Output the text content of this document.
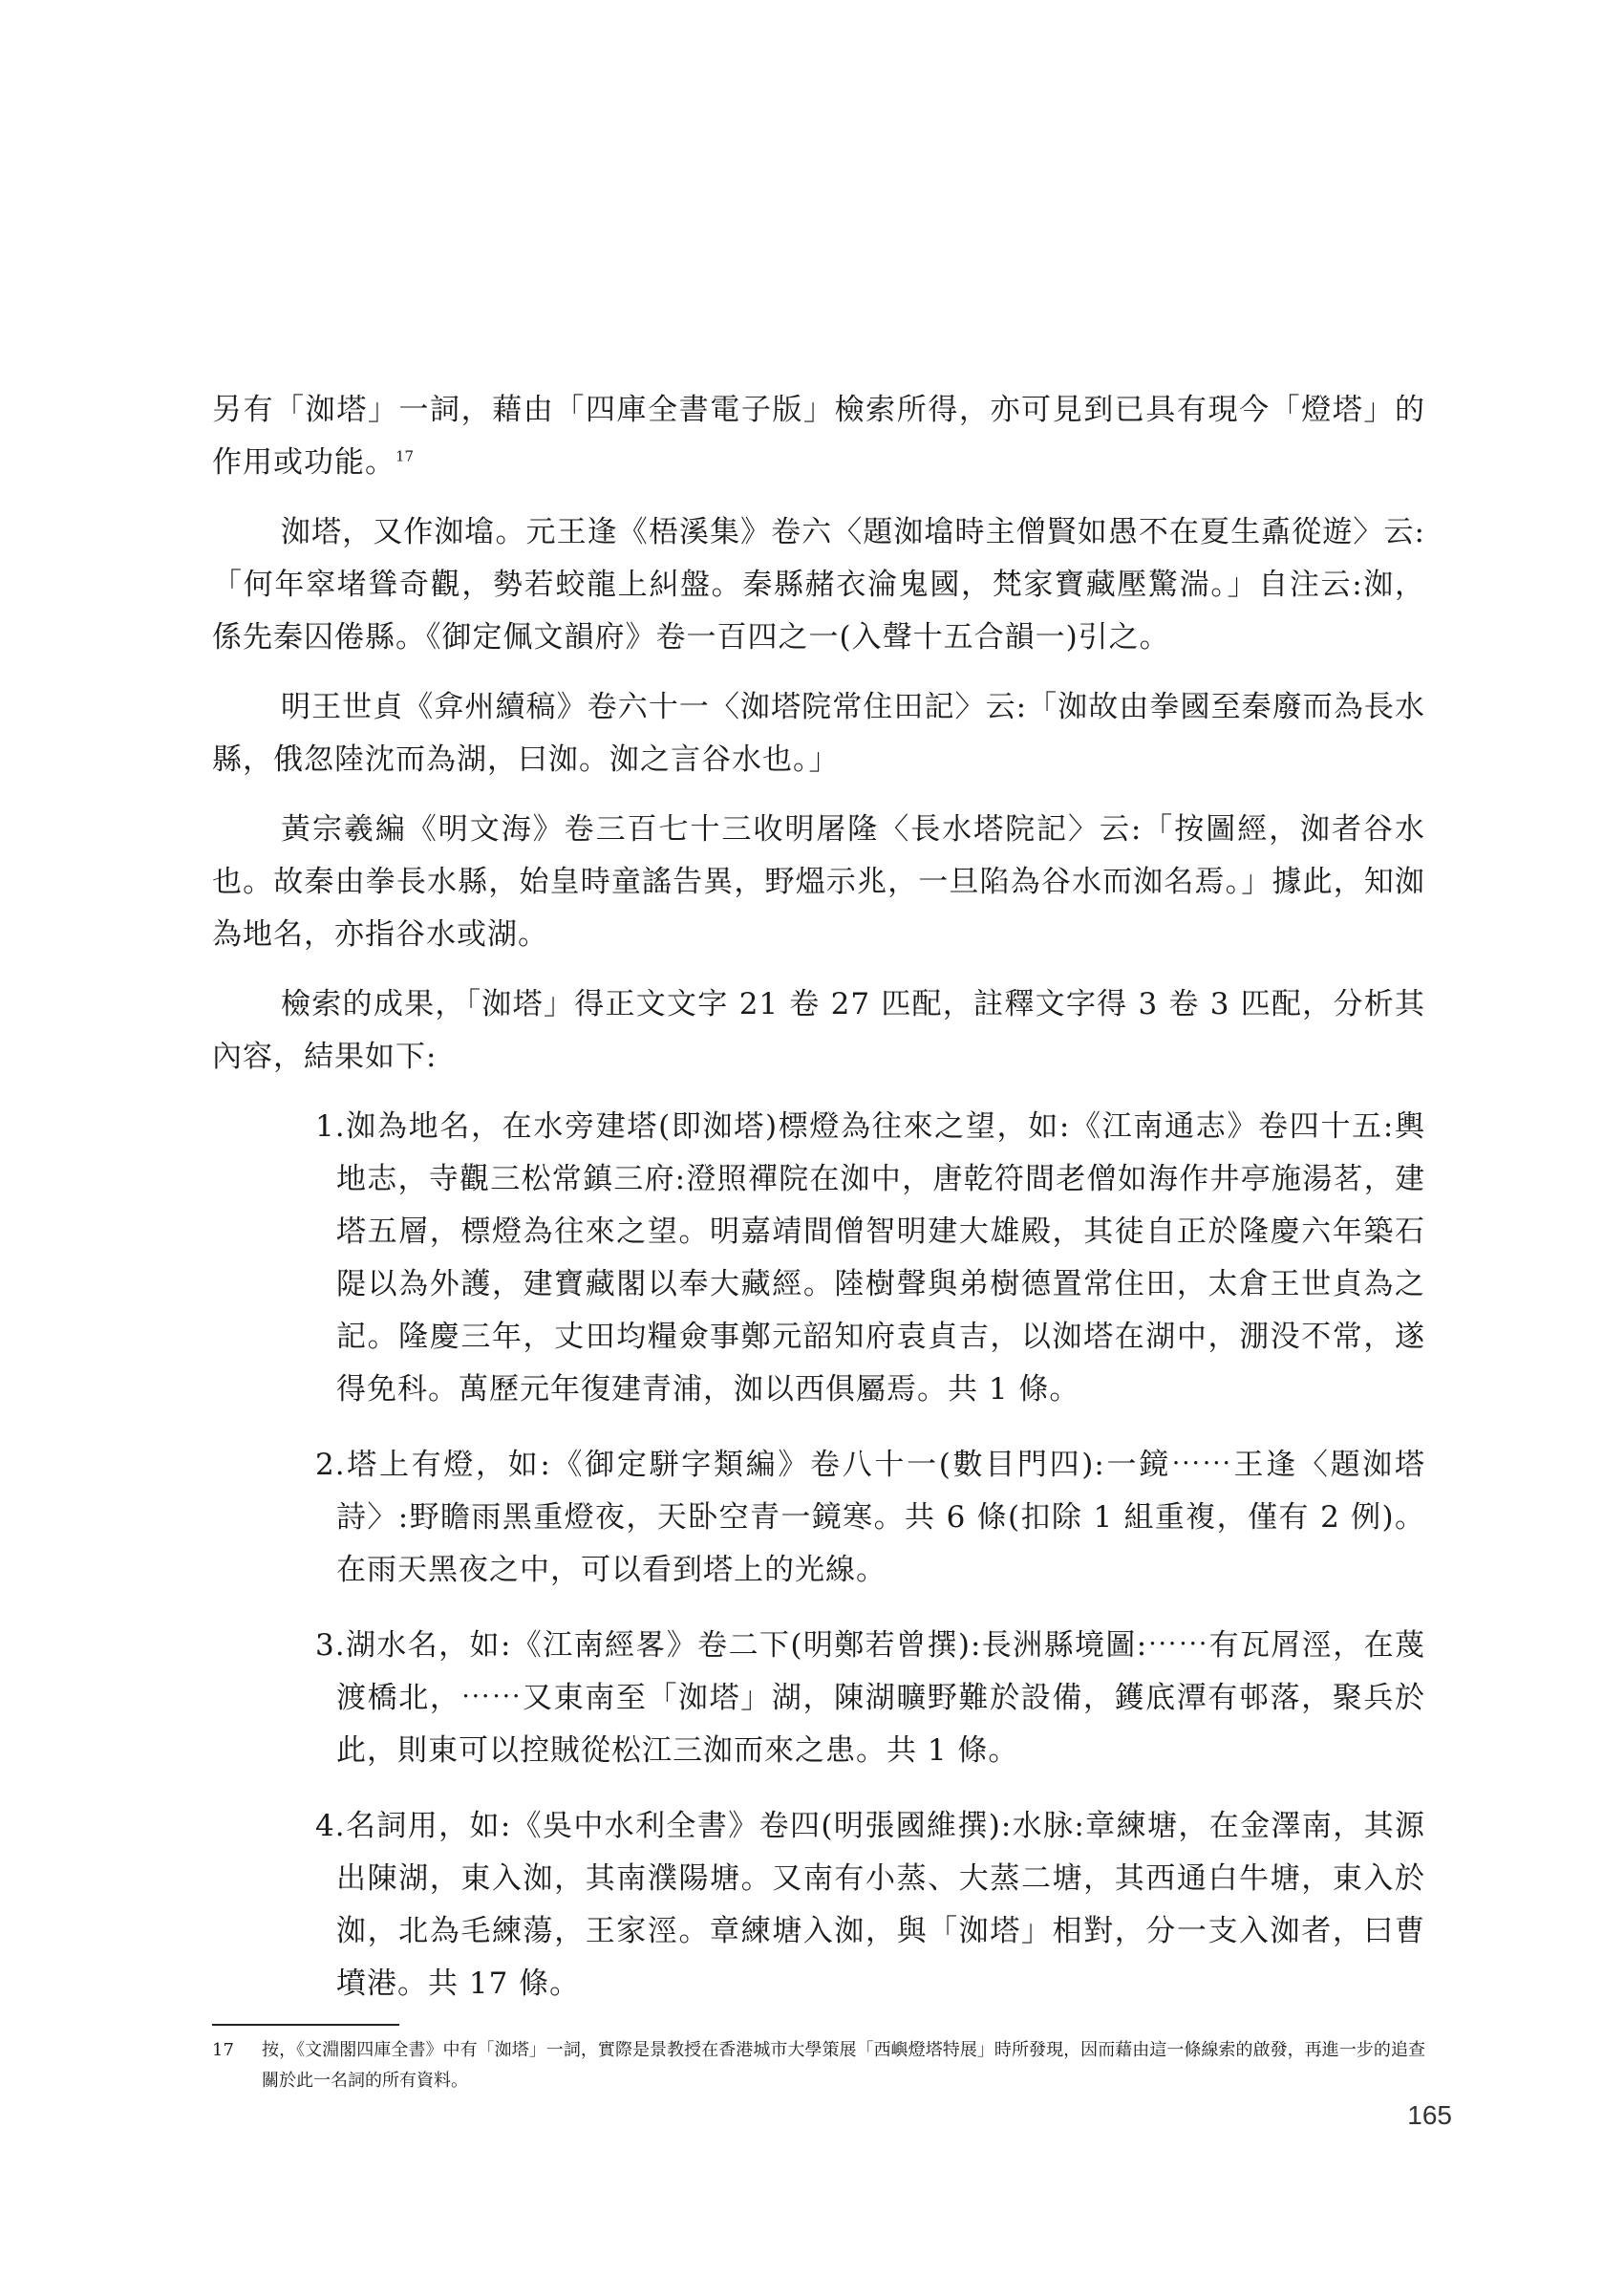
另有「洳塔」一詞，藉由「四庫全書電子版」檢索所得，亦可見到已具有現今「燈塔」的作用或功能。$^{17}$

洳塔，又作洳墖。元王逢《梧溪集》卷六〈題洳墖時主僧賢如愚不在夏生鼒從遊〉云:「何年窣堵聳奇觀，勢若蛟龍上糾盤。秦縣赭衣淪鬼國，梵家寶藏壓驚湍。」自注云:洳，係先秦囚倦縣。《御定佩文韻府》卷一百四之一(入聲十五合韻一)引之。

明王世貞《弇州續稿》卷六十一〈洳塔院常住田記〉云:「洳故由拳國至秦廢而為長水縣，俄忽陸沈而為湖，曰洳。洳之言谷水也。」

黃宗羲編《明文海》卷三百七十三收明屠隆〈長水塔院記〉云:「按圖經，洳者谷水也。故秦由拳長水縣，始皇時童謠告異，野熅示兆，一旦陷為谷水而洳名焉。」據此，知洳為地名，亦指谷水或湖。

檢索的成果，「洳塔」得正文文字 21 卷 27 匹配，註釋文字得 3 卷 3 匹配，分析其內容，結果如下:

1.洳為地名，在水旁建塔(即洳塔)標燈為往來之望，如:《江南通志》卷四十五:輿地志，寺觀三松常鎮三府:澄照禪院在洳中，唐乾符間老僧如海作井亭施湯茗，建塔五層，標燈為往來之望。明嘉靖間僧智明建大雄殿，其徒自正於隆慶六年築石隄以為外護，建寶藏閣以奉大藏經。陸樹聲與弟樹德置常住田，太倉王世貞為之記。隆慶三年，丈田均糧僉事鄭元韶知府袁貞吉，以洳塔在湖中，淜没不常，遂得免科。萬歷元年復建青浦，洳以西俱屬焉。共 1 條。

2.塔上有燈，如:《御定駢字類編》卷八十一(數目門四):一鏡⋯⋯王逢〈題洳塔詩〉:野瞻雨黑重燈夜，天卧空青一鏡寒。共 6 條(扣除 1 組重複，僅有 2 例)。在雨天黑夜之中，可以看到塔上的光線。

3.湖水名，如:《江南經畧》卷二下(明鄭若曾撰):長洲縣境圖:⋯⋯有瓦屑涇，在蔑渡橋北，⋯⋯又東南至「洳塔」湖，陳湖曠野難於設備，鑊底潭有邨落，聚兵於此，則東可以控賊從松江三洳而來之患。共 1 條。

4.名詞用，如:《吳中水利全書》卷四(明張國維撰):水脉:章練塘，在金澤南，其源出陳湖，東入洳，其南濮陽塘。又南有小蒸、大蒸二塘，其西通白牛塘，東入於洳，北為毛練蕩，王家涇。章練塘入洳，與「洳塔」相對，分一支入洳者，曰曹墳港。共 17 條。

17 按，《文淵閣四庫全書》中有「洳塔」一詞，實際是景教授在香港城市大學策展「西嶼燈塔特展」時所發現，因而藉由這一條線索的啟發，再進一步的追查關於此一名詞的所有資料。

165
